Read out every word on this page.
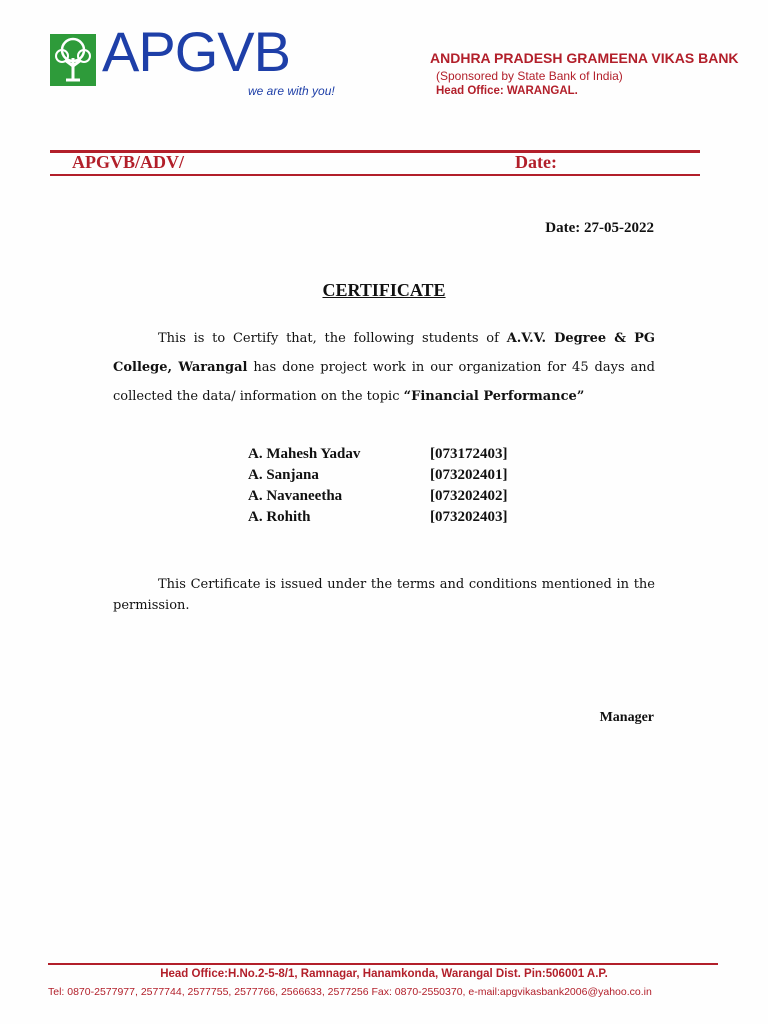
APGVB
we are with you!

ANDHRA PRADESH GRAMEENA VIKAS BANK

(Sponsored by State Bank of India)

Head Office: WARANGAL.

APGVB/ADV/	Date:
Date: 27-05-2022
CERTIFICATE

This is to Certify that, the following students of A.V.V. Degree & PG College, Warangal has done project work in our organization for 45 days and collected the data/ information on the topic “Financial Performance”

A. Mahesh Yadav	[073172403]
A. Sanjana	[073202401]
A. Navaneetha	[073202402]
A. Rohith	[073202403]

This Certificate is issued under the terms and conditions mentioned in the permission.

Manager
Head Office:H.No.2-5-8/1, Ramnagar, Hanamkonda, Warangal Dist. Pin:506001 A.P.
Tel: 0870-2577977, 2577744, 2577755, 2577766, 2566633, 2577256 Fax: 0870-2550370, e-mail:apgvikasbank2006@yahoo.co.in
